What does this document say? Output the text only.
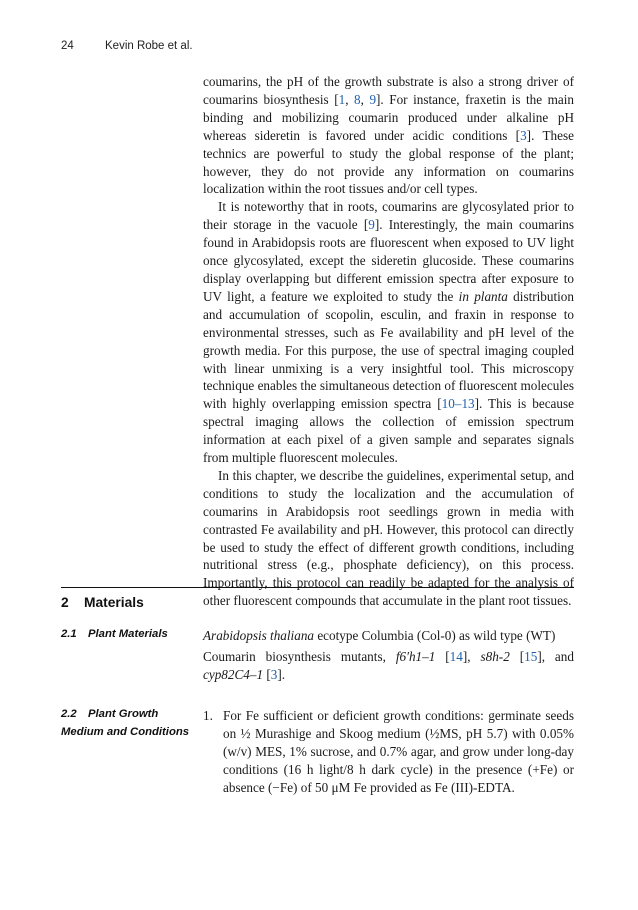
24	Kevin Robe et al.

coumarins, the pH of the growth substrate is also a strong driver of coumarins biosynthesis [1, 8, 9]. For instance, fraxetin is the main binding and mobilizing coumarin produced under alkaline pH whereas sideretin is favored under acidic conditions [3]. These technics are powerful to study the global response of the plant; however, they do not provide any information on coumarins localization within the root tissues and/or cell types.

It is noteworthy that in roots, coumarins are glycosylated prior to their storage in the vacuole [9]. Interestingly, the main coumarins found in Arabidopsis roots are fluorescent when exposed to UV light once glycosylated, except the sideretin glucoside. These coumarins display overlapping but different emission spectra after exposure to UV light, a feature we exploited to study the in planta distribution and accumulation of scopolin, esculin, and fraxin in response to environmental stresses, such as Fe availability and pH level of the growth media. For this purpose, the use of spectral imaging coupled with linear unmixing is a very insightful tool. This microscopy technique enables the simultaneous detection of fluorescent molecules with highly overlapping emission spectra [10–13]. This is because spectral imaging allows the collection of emission spectrum information at each pixel of a given sample and separates signals from multiple fluorescent molecules.

In this chapter, we describe the guidelines, experimental setup, and conditions to study the localization and the accumulation of coumarins in Arabidopsis root seedlings grown in media with contrasted Fe availability and pH. However, this protocol can directly be used to study the effect of different growth conditions, including nutritional stress (e.g., phosphate deficiency), on this process. Importantly, this protocol can readily be adapted for the analysis of other fluorescent compounds that accumulate in the plant root tissues.

2 Materials
2.1 Plant Materials	Arabidopsis thaliana ecotype Columbia (Col-0) as wild type (WT)
Coumarin biosynthesis mutants, f6′h1–1 [14], s8h-2 [15], and cyp82C4–1 [3].
2.2 Plant Growth Medium and Conditions
1. For Fe sufficient or deficient growth conditions: germinate seeds on ½ Murashige and Skoog medium (½MS, pH 5.7) with 0.05% (w/v) MES, 1% sucrose, and 0.7% agar, and grow under long-day conditions (16 h light/8 h dark cycle) in the presence (+Fe) or absence (−Fe) of 50 μM Fe provided as Fe (III)-EDTA.
